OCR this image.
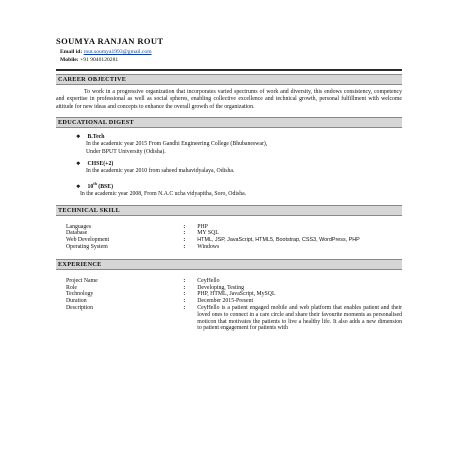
SOUMYA RANJAN ROUT
Email id: rout.soumya1993@gmail.com
Mobile: +91 9040120281
CAREER OBJECTIVE
To work in a progressive organization that incorporates varied spectrums of work and diversity, this endows consistency, competency and expertise in professional as well as social spheres, enabling collective excellence and technical growth, personal fulfillment with welcome attitude for new ideas and concepts to enhance the overall growth of the organization.
EDUCATIONAL DIGEST
❖ B.Tech
In the academic year 2015 From Gandhi Engineering College (Bhubaneswar),
Under BPUT University (Odisha).
❖ CHSE(+2)
In the academic year 2010 from saheed mahavidyalaya, Odisha.
❖ 10th (BSE)
In the academic year 2008, From N.A.C ucha vidyapitha, Soro, Odisha.
TECHNICAL SKILL
Languages	:	PHP
Database	:	MY SQL
Web Development	:	HTML, JSP, JavaScript, HTML5, Bootstrap, CSS3, WordPress, PHP
Operating System	:	Windows
EXPERIENCE
Project Name	:	CeyHello
Role	:	Developing, Testing
Technology	:	PHP, HTML, JavaScript, MySQL
Duration	:	December 2015-Present
Description	:	CeyHello is a patient engaged mobile and web platform that enables patient and their loved ones to connect in a care circle and share their favourite moments as personalised moticon that motivates the patients to live a healthy life. It also adds a new dimension to patient engagement for patients with
